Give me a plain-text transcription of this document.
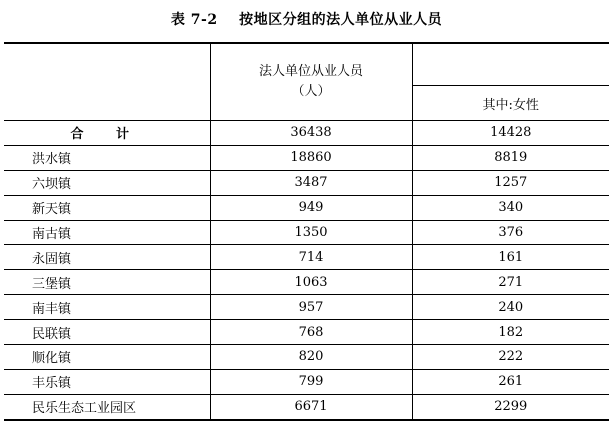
表 7-2    按地区分组的法人单位从业人员

	法人单位从业人员
（人）	

		其中:女性
合 计	36438	14428
洪水镇	18860	8819
六坝镇	3487	1257
新天镇	949	340
南古镇	1350	376
永固镇	714	161
三堡镇	1063	271
南丰镇	957	240
民联镇	768	182
顺化镇	820	222
丰乐镇	799	261
民乐生态工业园区	6671	2299
